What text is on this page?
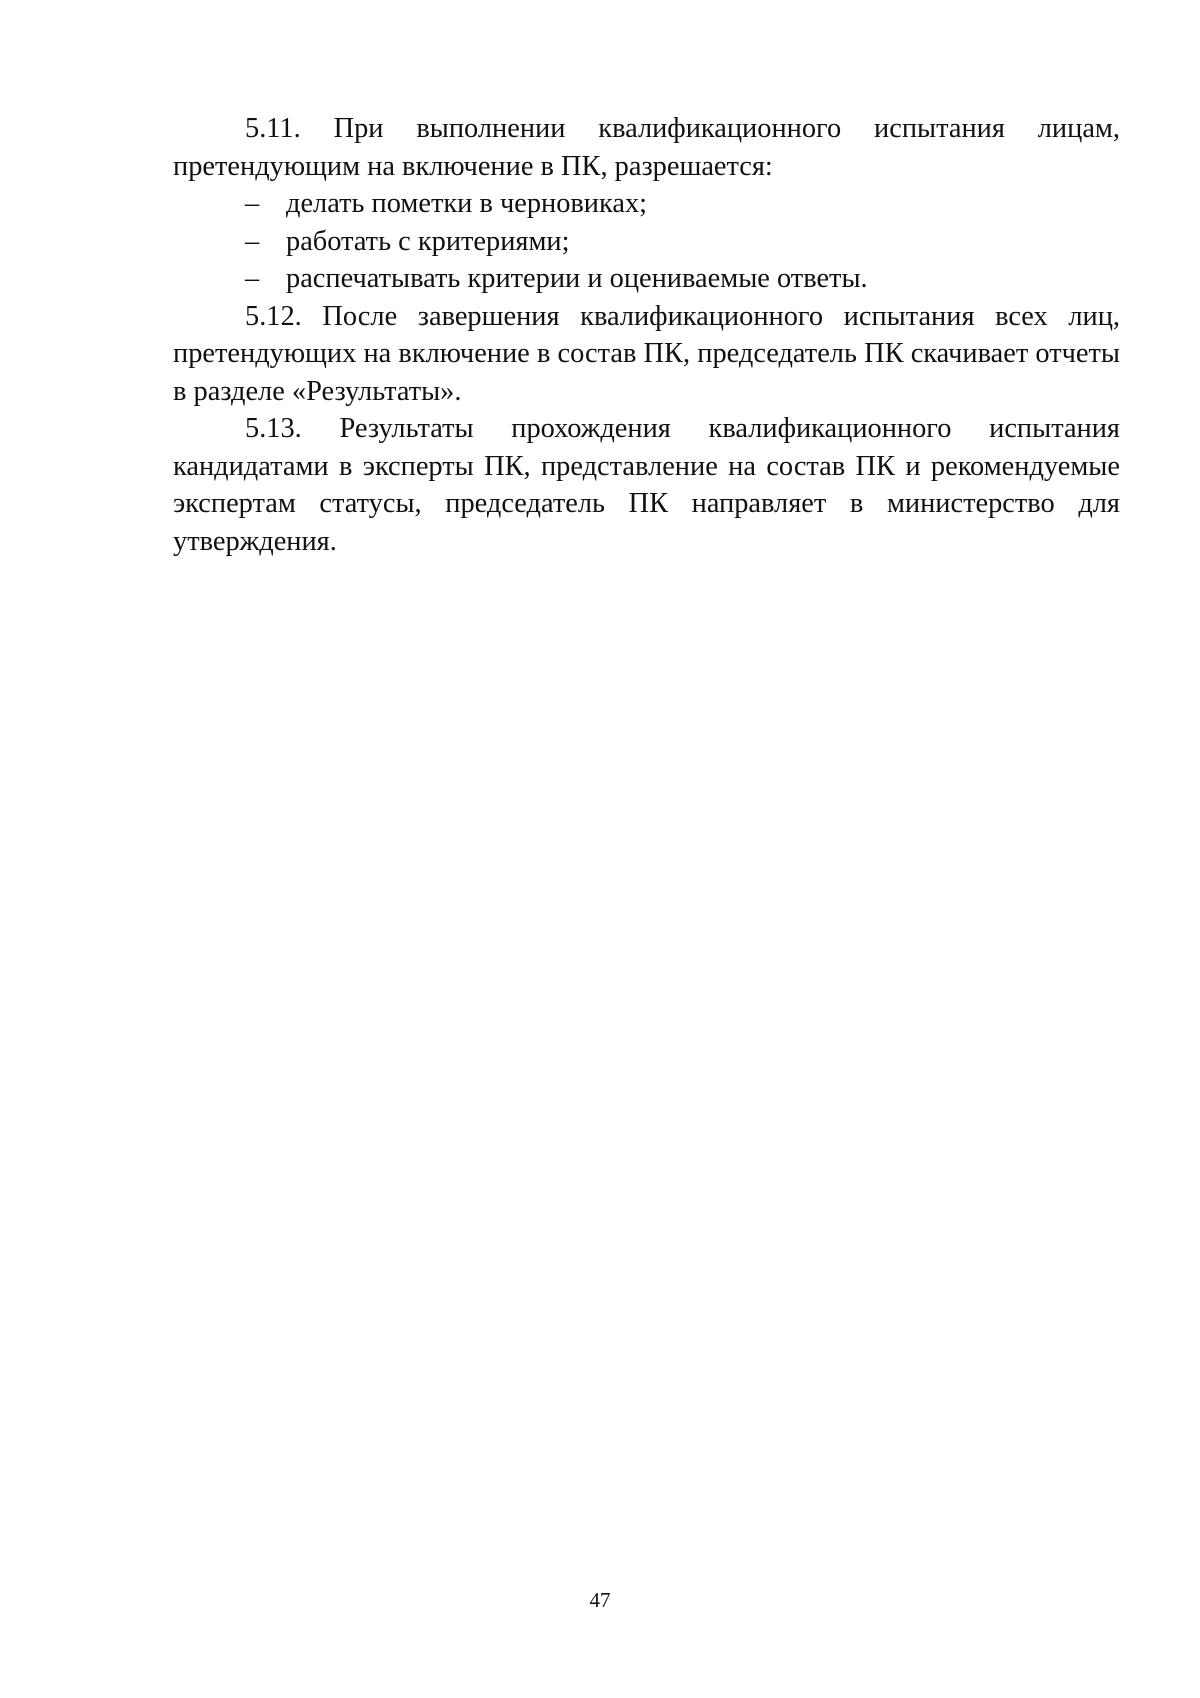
5.11. При выполнении квалификационного испытания лицам, претендующим на включение в ПК, разрешается:

– делать пометки в черновиках;
– работать с критериями;
– распечатывать критерии и оцениваемые ответы.

5.12. После завершения квалификационного испытания всех лиц, претендующих на включение в состав ПК, председатель ПК скачивает отчеты в разделе «Результаты».

5.13. Результаты прохождения квалификационного испытания кандидатами в эксперты ПК, представление на состав ПК и рекомендуемые экспертам статусы, председатель ПК направляет в министерство для утверждения.

47
